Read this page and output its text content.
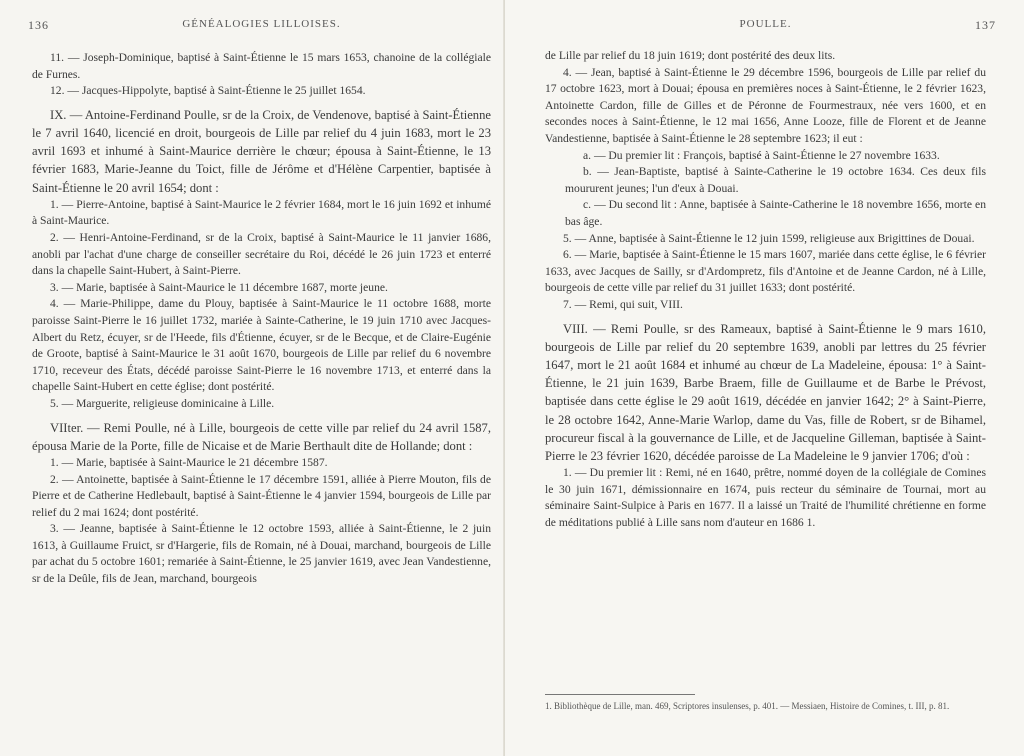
136	GÉNÉALOGIES LILLOISES.

11. — Joseph-Dominique, baptisé à Saint-Étienne le 15 mars 1653, chanoine de la collégiale de Furnes.

12. — Jacques-Hippolyte, baptisé à Saint-Étienne le 25 juillet 1654.

IX. — Antoine-Ferdinand Poulle, sr de la Croix, de Vendenove, baptisé à Saint-Étienne le 7 avril 1640, licencié en droit, bourgeois de Lille par relief du 4 juin 1683, mort le 23 avril 1693 et inhumé à Saint-Maurice derrière le chœur; épousa à Saint-Étienne, le 13 février 1683, Marie-Jeanne du Toict, fille de Jérôme et d'Hélène Carpentier, baptisée à Saint-Étienne le 20 avril 1654; dont :

1. — Pierre-Antoine, baptisé à Saint-Maurice le 2 février 1684, mort le 16 juin 1692 et inhumé à Saint-Maurice.

2. — Henri-Antoine-Ferdinand, sr de la Croix, baptisé à Saint-Maurice le 11 janvier 1686, anobli par l'achat d'une charge de conseiller secrétaire du Roi, décédé le 26 juin 1723 et enterré dans la chapelle Saint-Hubert, à Saint-Pierre.

3. — Marie, baptisée à Saint-Maurice le 11 décembre 1687, morte jeune.

4. — Marie-Philippe, dame du Plouy, baptisée à Saint-Maurice le 11 octobre 1688, morte paroisse Saint-Pierre le 16 juillet 1732, mariée à Sainte-Catherine, le 19 juin 1710 avec Jacques-Albert du Retz, écuyer, sr de l'Heede, fils d'Étienne, écuyer, sr de le Becque, et de Claire-Eugénie de Groote, baptisé à Saint-Maurice le 31 août 1670, bourgeois de Lille par relief du 6 novembre 1710, receveur des États, décédé paroisse Saint-Pierre le 16 novembre 1713, et enterré dans la chapelle Saint-Hubert en cette église; dont postérité.

5. — Marguerite, religieuse dominicaine à Lille.

VIIter. — Remi Poulle, né à Lille, bourgeois de cette ville par relief du 24 avril 1587, épousa Marie de la Porte, fille de Nicaise et de Marie Berthault dite de Hollande; dont :

1. — Marie, baptisée à Saint-Maurice le 21 décembre 1587.

2. — Antoinette, baptisée à Saint-Étienne le 17 décembre 1591, alliée à Pierre Mouton, fils de Pierre et de Catherine Hedlebault, baptisé à Saint-Étienne le 4 janvier 1594, bourgeois de Lille par relief du 2 mai 1624; dont postérité.

3. — Jeanne, baptisée à Saint-Étienne le 12 octobre 1593, alliée à Saint-Étienne, le 2 juin 1613, à Guillaume Fruict, sr d'Hargerie, fils de Romain, né à Douai, marchand, bourgeois de Lille par achat du 5 octobre 1601; remariée à Saint-Étienne, le 25 janvier 1619, avec Jean Vandestienne, sr de la Deûle, fils de Jean, marchand, bourgeois

POULLE.	137

de Lille par relief du 18 juin 1619; dont postérité des deux lits.

4. — Jean, baptisé à Saint-Étienne le 29 décembre 1596, bourgeois de Lille par relief du 17 octobre 1623, mort à Douai; épousa en premières noces à Saint-Étienne, le 2 février 1623, Antoinette Cardon, fille de Gilles et de Péronne de Fourmestraux, née vers 1600, et en secondes noces à Saint-Étienne, le 12 mai 1656, Anne Looze, fille de Florent et de Jeanne Vandestienne, baptisée à Saint-Étienne le 28 septembre 1623; il eut :

a. — Du premier lit : François, baptisé à Saint-Étienne le 27 novembre 1633.

b. — Jean-Baptiste, baptisé à Sainte-Catherine le 19 octobre 1634. Ces deux fils moururent jeunes; l'un d'eux à Douai.

c. — Du second lit : Anne, baptisée à Sainte-Catherine le 18 novembre 1656, morte en bas âge.

5. — Anne, baptisée à Saint-Étienne le 12 juin 1599, religieuse aux Brigittines de Douai.

6. — Marie, baptisée à Saint-Étienne le 15 mars 1607, mariée dans cette église, le 6 février 1633, avec Jacques de Sailly, sr d'Ardompretz, fils d'Antoine et de Jeanne Cardon, né à Lille, bourgeois de cette ville par relief du 31 juillet 1633; dont postérité.

7. — Remi, qui suit, VIII.

VIII. — Remi Poulle, sr des Rameaux, baptisé à Saint-Étienne le 9 mars 1610, bourgeois de Lille par relief du 20 septembre 1639, anobli par lettres du 25 février 1647, mort le 21 août 1684 et inhumé au chœur de La Madeleine, épousa: 1° à Saint-Étienne, le 21 juin 1639, Barbe Braem, fille de Guillaume et de Barbe le Prévost, baptisée dans cette église le 29 août 1619, décédée en janvier 1642; 2° à Saint-Pierre, le 28 octobre 1642, Anne-Marie Warlop, dame du Vas, fille de Robert, sr de Bihamel, procureur fiscal à la gouvernance de Lille, et de Jacqueline Gilleman, baptisée à Saint-Pierre le 23 février 1620, décédée paroisse de La Madeleine le 9 janvier 1706; d'où :

1. — Du premier lit : Remi, né en 1640, prêtre, nommé doyen de la collégiale de Comines le 30 juin 1671, démissionnaire en 1674, puis recteur du séminaire de Tournai, mort au séminaire Saint-Sulpice à Paris en 1677. Il a laissé un Traité de l'humilité chrétienne en forme de méditations publié à Lille sans nom d'auteur en 1686 1.

1. Bibliothèque de Lille, man. 469, Scriptores insulenses, p. 401. — Messiaen, Histoire de Comines, t. III, p. 81.
